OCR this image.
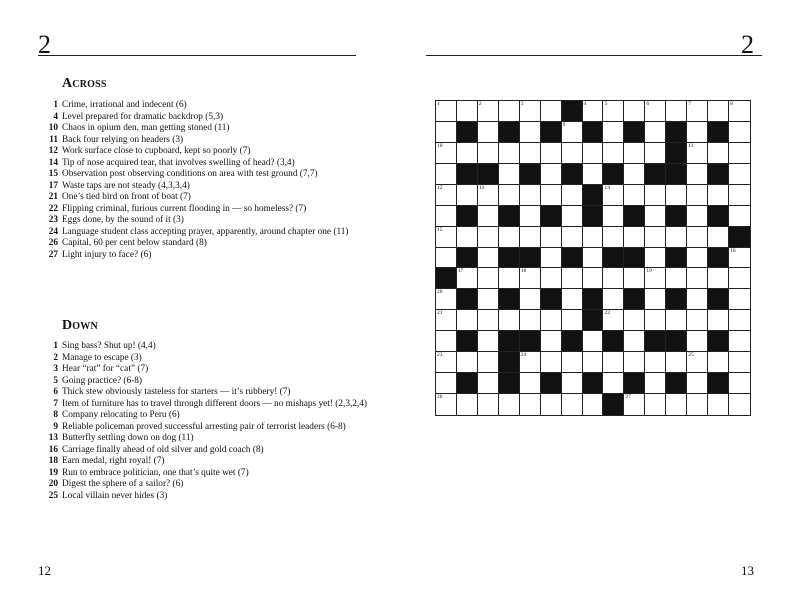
2
Across
1 Crime, irrational and indecent (6)
4 Level prepared for dramatic backdrop (5,3)
10 Chaos in opium den, man getting stoned (11)
11 Back four relying on headers (3)
12 Work surface close to cupboard, kept so poorly (7)
14 Tip of nose acquired tear, that involves swelling of head? (3,4)
15 Observation post observing conditions on area with test ground (7,7)
17 Waste taps are not steady (4,3,3,4)
21 One’s tied bird on front of boat (7)
22 Flipping criminal, furious current flooding in — so homeless? (7)
23 Eggs done, by the sound of it (3)
24 Language student class accepting prayer, apparently, around chapter one (11)
26 Capital, 60 per cent below standard (8)
27 Light injury to face? (6)
Down
1 Sing bass? Shut up! (4,4)
2 Manage to escape (3)
3 Hear “rat” for “cat” (7)
5 Going practice? (6-8)
6 Thick stew obviously tasteless for starters — it’s rubbery! (7)
7 Item of furniture has to travel through different doors — no mishaps yet! (2,3,2,4)
8 Company relocating to Peru (6)
9 Reliable policeman proved successful arresting pair of terrorist leaders (6-8)
13 Butterfly settling down on dog (11)
16 Carriage finally ahead of old silver and gold coach (8)
18 Earn medal, right royal! (7)
19 Run to embrace politician, one that’s quite wet (7)
20 Digest the sphere of a sailor? (6)
25 Local villain never hides (3)
12
2
1	2	3	4	5	6	7	8
9
10	11
12	13	14
15
16
17	18	19
20
21	22
23	24	25
26	27
13
